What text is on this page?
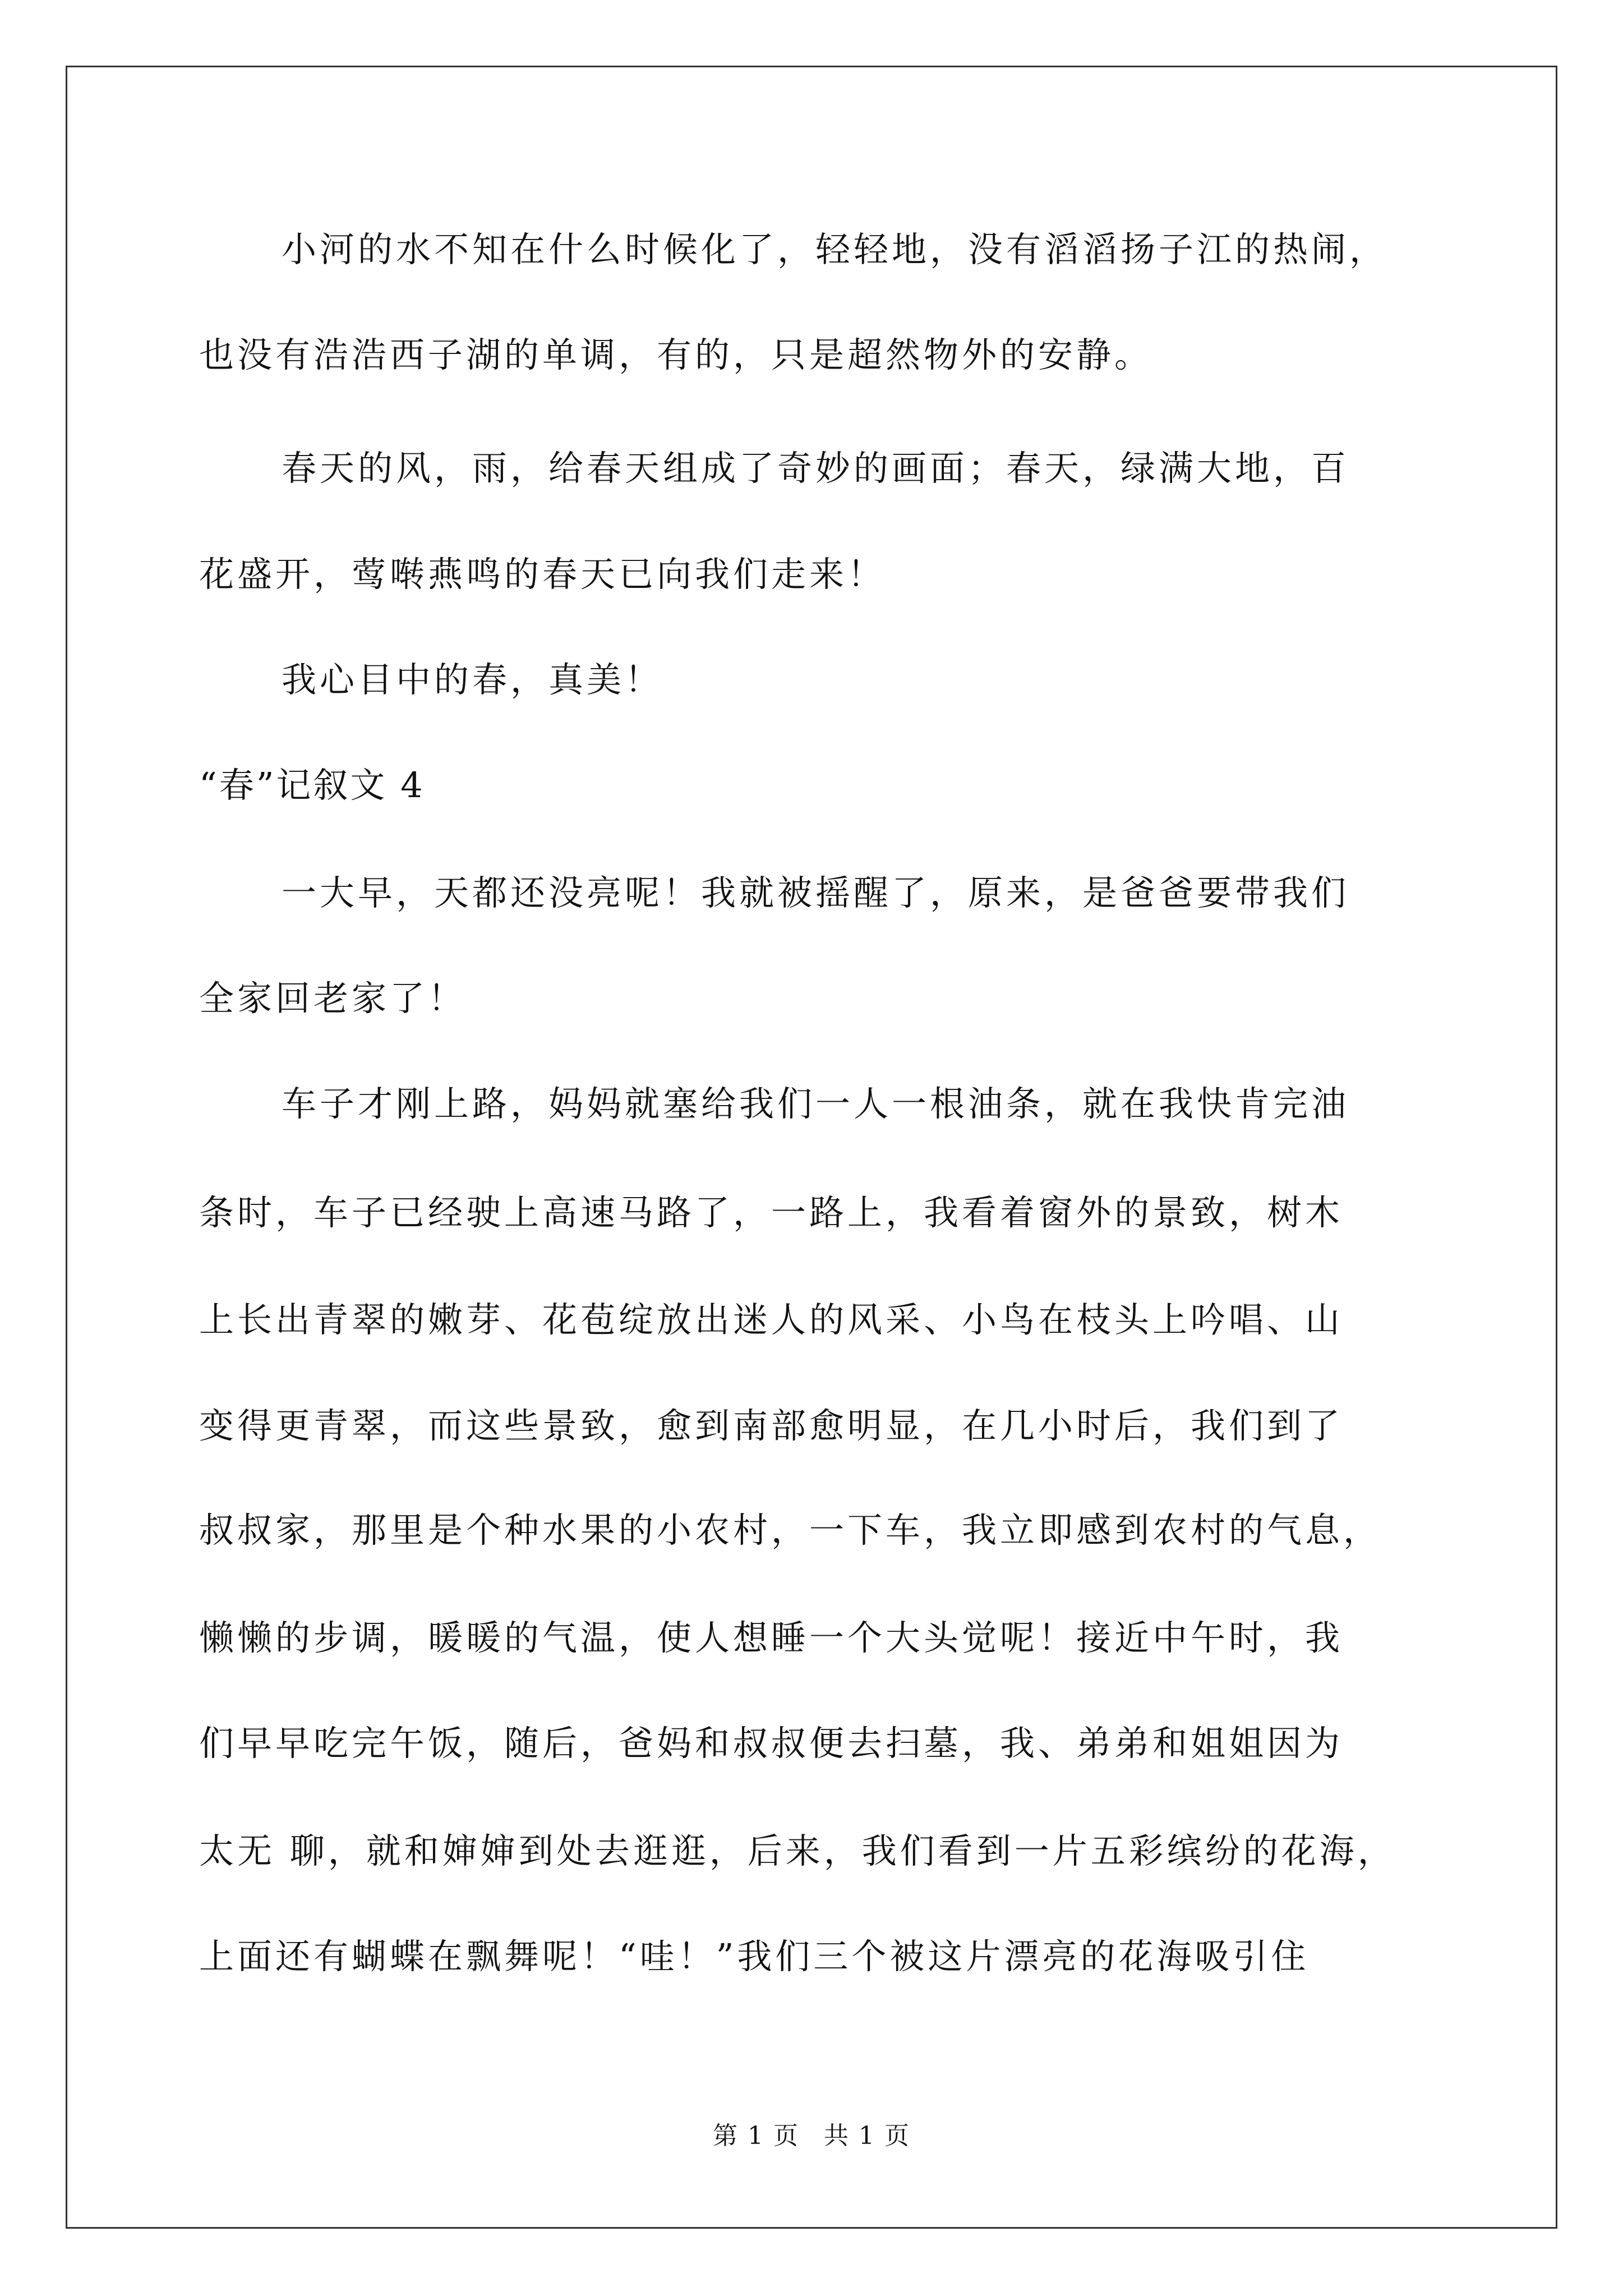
小河的水不知在什么时候化了，轻轻地，没有滔滔扬子江的热闹，
也没有浩浩西子湖的单调，有的，只是超然物外的安静。
春天的风，雨，给春天组成了奇妙的画面；春天，绿满大地，百
花盛开，莺啭燕鸣的春天已向我们走来！
我心目中的春，真美！
“春”记叙文 4
一大早，天都还没亮呢！我就被摇醒了，原来，是爸爸要带我们
全家回老家了！
车子才刚上路，妈妈就塞给我们一人一根油条，就在我快肯完油
条时，车子已经驶上高速马路了，一路上，我看着窗外的景致，树木
上长出青翠的嫩芽、花苞绽放出迷人的风采、小鸟在枝头上吟唱、山
变得更青翠，而这些景致，愈到南部愈明显，在几小时后，我们到了
叔叔家，那里是个种水果的小农村，一下车，我立即感到农村的气息，
懒懒的步调，暖暖的气温，使人想睡一个大头觉呢！接近中午时，我
们早早吃完午饭，随后，爸妈和叔叔便去扫墓，我、弟弟和姐姐因为
太无 聊，就和婶婶到处去逛逛，后来，我们看到一片五彩缤纷的花海，
上面还有蝴蝶在飘舞呢！“哇！”我们三个被这片漂亮的花海吸引住
第 1 页 共 1 页
